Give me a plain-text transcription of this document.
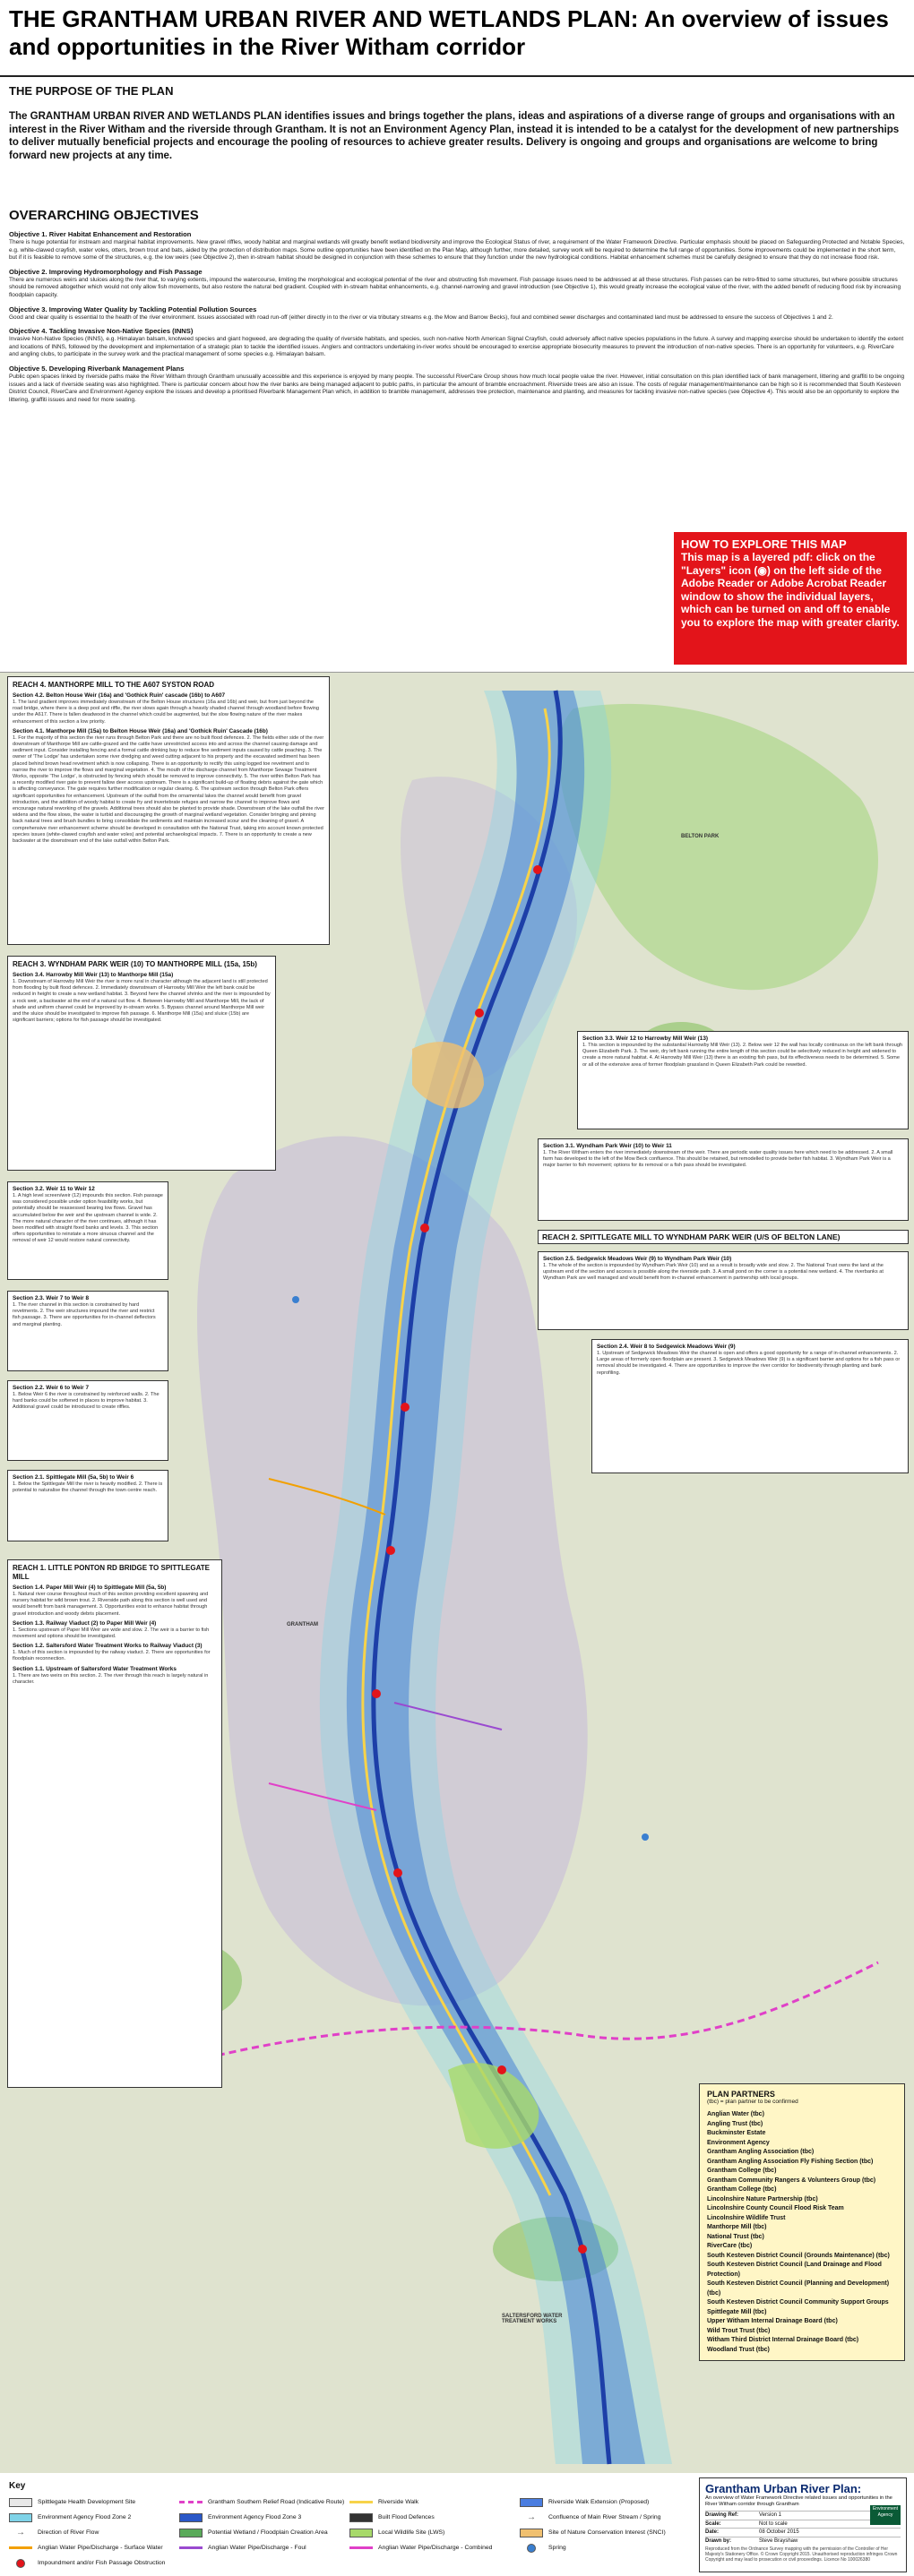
THE GRANTHAM URBAN RIVER AND WETLANDS PLAN: An overview of issues and opportunities in the River Witham corridor
THE PURPOSE OF THE PLAN
The GRANTHAM URBAN RIVER AND WETLANDS PLAN identifies issues and brings together the plans, ideas and aspirations of a diverse range of groups and organisations with an interest in the River Witham and the riverside through Grantham. It is not an Environment Agency Plan, instead it is intended to be a catalyst for the development of new partnerships to deliver mutually beneficial projects and encourage the pooling of resources to achieve greater results. Delivery is ongoing and groups and organisations are welcome to bring forward new projects at any time.
OVERARCHING OBJECTIVES
Objective 1. River Habitat Enhancement and Restoration

There is huge potential for instream and marginal habitat improvements. New gravel riffles, woody habitat and marginal wetlands will greatly benefit wetland biodiversity and improve the Ecological Status of river, a requirement of the Water Framework Directive. Particular emphasis should be placed on Safeguarding Protected and Notable Species, e.g. white-clawed crayfish, water voles, otters, brown trout and bats, aided by the protection of distribution maps. Some outline opportunities have been identified on the Plan Map, although further, more detailed, survey work will be required to determine the full range of opportunities. Some improvements could be implemented in the short term, but if it is feasible to remove some of the structures, e.g. the low weirs (see Objective 2), then in-stream habitat should be designed in conjunction with these schemes to ensure that they function under the new hydrological conditions. Habitat enhancement schemes must be carefully designed to ensure that they do not increase flood risk.

Objective 2. Improving Hydromorphology and Fish Passage

There are numerous weirs and sluices along the river that, to varying extents, impound the watercourse, limiting the morphological and ecological potential of the river and obstructing fish movement. Fish passage issues need to be addressed at all these structures. Fish passes can be retro-fitted to some structures, but where possible structures should be removed altogether which would not only allow fish movements, but also restore the natural bed gradient. Coupled with in-stream habitat enhancements, e.g. channel-narrowing and gravel introduction (see Objective 1), this would greatly increase the ecological value of the river, with the added benefit of reducing flood risk by increasing floodplain capacity.

Objective 3. Improving Water Quality by Tackling Potential Pollution Sources

Good and clear quality is essential to the health of the river environment. Issues associated with road run-off (either directly in to the river or via tributary streams e.g. the Mow and Barrow Becks), foul and combined sewer discharges and contaminated land must be addressed to ensure the success of Objectives 1 and 2.

Objective 4. Tackling Invasive Non-Native Species (INNS)

Invasive Non-Native Species (INNS), e.g. Himalayan balsam, knotweed species and giant hogweed, are degrading the quality of riverside habitats, and species, such non-native North American Signal Crayfish, could adversely affect native species populations in the future. A survey and mapping exercise should be undertaken to identify the extent and locations of INNS, followed by the development and implementation of a strategic plan to tackle the identified issues. Anglers and contractors undertaking in-river works should be encouraged to exercise appropriate biosecurity measures to prevent the introduction of non-native species. There is an opportunity for volunteers, e.g. RiverCare and angling clubs, to participate in the survey work and the practical management of some species e.g. Himalayan balsam.

Objective 5. Developing Riverbank Management Plans

Public open spaces linked by riverside paths make the River Witham through Grantham unusually accessible and this experience is enjoyed by many people. The successful RiverCare Group shows how much local people value the river. However, initial consultation on this plan identified lack of bank management, littering and graffiti to be ongoing issues and a lack of riverside seating was also highlighted. There is particular concern about how the river banks are being managed adjacent to public paths, in particular the amount of bramble encroachment. Riverside trees are also an issue. The costs of regular management/maintenance can be high so it is recommended that South Kesteven District Council, RiverCare and Environment Agency explore the issues and develop a prioritised Riverbank Management Plan which, in addition to bramble management, addresses tree protection, maintenance and planting, and measures for tackling invasive non-native species (see Objective 4). This would also be an opportunity to explore the littering, graffiti issues and need for more seating.

HOW TO EXPLORE THIS MAP
This map is a layered pdf: click on the "Layers" icon (◉) on the left side of the Adobe Reader or Adobe Acrobat Reader window to show the individual layers, which can be turned on and off to enable you to explore the map with greater clarity.
GRANTHAM
SALTERSFORD WATER TREATMENT WORKS
BELTON PARK
REACH 4. MANTHORPE MILL TO THE A607 SYSTON ROAD
Section 4.2. Belton House Weir (16a) and 'Gothick Ruin' cascade (16b) to A607
1. The land gradient improves immediately downstream of the Belton House structures (16a and 16b) and weir, but from just beyond the road bridge, where there is a deep pool and riffle, the river slows again through a heavily shaded channel through woodland before flowing under the A617. There is fallen deadwood in the channel which could be augmented, but the slow flowing nature of the river makes enhancement of this section a low priority.
Section 4.1. Manthorpe Mill (15a) to Belton House Weir (16a) and 'Gothick Ruin' Cascade (16b)
1. For the majority of this section the river runs through Belton Park and there are no built flood defences. 2. The fields either side of the river downstream of Manthorpe Mill are cattle-grazed and the cattle have unrestricted access into and across the channel causing damage and sediment input. Consider installing fencing and a formal cattle drinking bay to reduce fine sediment inputs caused by cattle poaching. 3. The owner of 'The Lodge' has undertaken some river dredging and weed cutting adjacent to his property and the excavated sediment has been placed behind brown head revetment which is now collapsing. There is an opportunity to rectify this using logged toe revetment and to narrow the river to improve the flows and marginal vegetation. 4. The mouth of the discharge channel from Manthorpe Sewage Treatment Works, opposite 'The Lodge', is obstructed by fencing which should be removed to improve connectivity. 5. The river within Belton Park has a recently modified river gate to prevent fallow deer access upstream. There is a significant build-up of floating debris against the gate which is affecting conveyance. The gate requires further modification or regular clearing. 6. The upstream section through Belton Park offers significant opportunities for enhancement. Upstream of the outfall from the ornamental lakes the channel would benefit from gravel introduction, and the addition of woody habitat to create fry and invertebrate refuges and narrow the channel to improve flows and encourage natural reworking of the gravels. Additional trees should also be planted to provide shade. Downstream of the lake outfall the river widens and the flow slows, the water is turbid and discouraging the growth of marginal wetland vegetation. Consider bringing and pinning back natural trees and brush bundles to bring consolidate the sediments and maintain increased scour and the cleaning of gravel. A comprehensive river enhancement scheme should be developed in consultation with the National Trust, taking into account known protected species issues (white-clawed crayfish and water voles) and potential archaeological impacts. 7. There is an opportunity to create a new backwater at the downstream end of the lake outfall within Belton Park.
REACH 3. WYNDHAM PARK WEIR (10) TO MANTHORPE MILL (15a, 15b)
Section 3.4. Harrowby Mill Weir (13) to Manthorpe Mill (15a)
1. Downstream of Harrowby Mill Weir the river is more rural in character although the adjacent land is still protected from flooding by built flood defences. 2. Immediately downstream of Harrowby Mill Weir the left bank could be reduced in height to create a new wetland habitat. 3. Beyond here the channel shrinks and the river is impounded by a rock weir, a backwater at the end of a natural cut flow. 4. Between Harrowby Mill and Manthorpe Mill, the lack of shade and uniform channel could be improved by in-stream works. 5. Bypass channel around Manthorpe Mill weir and the sluice should be investigated to improve fish passage. 6. Manthorpe Mill (15a) and sluice (15b) are significant barriers; options for fish passage should be investigated.
Section 3.3. Weir 12 to Harrowby Mill Weir (13)
1. This section is impounded by the substantial Harrowby Mill Weir (13). 2. Below weir 12 the wall has locally continuous on the left bank through Queen Elizabeth Park. 3. The weir, dry left bank running the entire length of this section could be selectively reduced in height and widened to create a more natural habitat. 4. At Harrowby Mill Weir (13) there is an existing fish pass, but its effectiveness needs to be determined. 5. Some or all of the extensive area of former floodplain grassland in Queen Elizabeth Park could be rewetted.
Section 3.2. Weir 11 to Weir 12
1. A high level screen/weir (12) impounds this section. Fish passage was considered possible under option feasibility works, but potentially should be reassessed bearing low flows. Gravel has accumulated below the weir and the upstream channel is wide. 2. The more natural character of the river continues, although it has been modified with straight fixed banks and levels. 3. This section offers opportunities to reinstate a more sinuous channel and the removal of weir 12 would restore natural connectivity.
Section 3.1. Wyndham Park Weir (10) to Weir 11
1. The River Witham enters the river immediately downstream of the weir. There are periodic water quality issues here which need to be addressed. 2. A small farm has developed to the left of the Mow Beck confluence. This should be retained, but remodelled to provide better fish habitat. 3. Wyndham Park Weir is a major barrier to fish movement; options for its removal or a fish pass should be investigated.
REACH 2. SPITTLEGATE MILL TO WYNDHAM PARK WEIR (U/S OF BELTON LANE)
Section 2.5. Sedgewick Meadows Weir (9) to Wyndham Park Weir (10)
1. The whole of the section is impounded by Wyndham Park Weir (10) and as a result is broadly wide and slow. 2. The National Trust owns the land at the upstream end of the section and access is possible along the riverside path. 3. A small pond on the corner is a potential new wetland. 4. The riverbanks at Wyndham Park are well managed and would benefit from in-channel enhancement in partnership with local groups.
Section 2.4. Weir 8 to Sedgewick Meadows Weir (9)
1. Upstream of Sedgewick Meadows Weir the channel is open and offers a good opportunity for a range of in-channel enhancements. 2. Large areas of formerly open floodplain are present. 3. Sedgewick Meadows Weir (9) is a significant barrier and options for a fish pass or removal should be investigated. 4. There are opportunities to improve the river corridor for biodiversity through planting and bank reprofiling.
Section 2.3. Weir 7 to Weir 8
1. The river channel in this section is constrained by hard revetments. 2. The weir structures impound the river and restrict fish passage. 3. There are opportunities for in-channel deflectors and marginal planting.
Section 2.2. Weir 6 to Weir 7
1. Below Weir 6 the river is constrained by reinforced walls. 2. The hard banks could be softened in places to improve habitat. 3. Additional gravel could be introduced to create riffles.
Section 2.1. Spittlegate Mill (5a, 5b) to Weir 6
1. Below the Spittlegate Mill the river is heavily modified. 2. There is potential to naturalise the channel through the town centre reach.
REACH 1. LITTLE PONTON RD BRIDGE TO SPITTLEGATE MILL
Section 1.4. Paper Mill Weir (4) to Spittlegate Mill (5a, 5b)
1. Natural river course throughout much of this section providing excellent spawning and nursery habitat for wild brown trout. 2. Riverside path along this section is well used and would benefit from bank management. 3. Opportunities exist to enhance habitat through gravel introduction and woody debris placement.
Section 1.3. Railway Viaduct (2) to Paper Mill Weir (4)
1. Sections upstream of Paper Mill Weir are wide and slow. 2. The weir is a barrier to fish movement and options should be investigated.
Section 1.2. Saltersford Water Treatment Works to Railway Viaduct (3)
1. Much of this section is impounded by the railway viaduct. 2. There are opportunities for floodplain reconnection.
Section 1.1. Upstream of Saltersford Water Treatment Works
1. There are two weirs on this section. 2. The river through this reach is largely natural in character.
PLAN PARTNERS
(tbc) = plan partner to be confirmed
Anglian Water (tbc)
Angling Trust (tbc)
Buckminster Estate
Environment Agency
Grantham Angling Association (tbc)
Grantham Angling Association Fly Fishing Section (tbc)
Grantham College (tbc)
Grantham Community Rangers & Volunteers Group (tbc)
Grantham College (tbc)
Lincolnshire Nature Partnership (tbc)
Lincolnshire County Council Flood Risk Team
Lincolnshire Wildlife Trust
Manthorpe Mill (tbc)
National Trust (tbc)
RiverCare (tbc)
South Kesteven District Council (Grounds Maintenance) (tbc)
South Kesteven District Council (Land Drainage and Flood Protection)
South Kesteven District Council (Planning and Development) (tbc)
South Kesteven District Council Community Support Groups
Spittlegate Mill (tbc)
Upper Witham Internal Drainage Board (tbc)
Wild Trout Trust (tbc)
Witham Third District Internal Drainage Board (tbc)
Woodland Trust (tbc)
Key
Spittlegate Health Development Site	Grantham Southern Relief Road (Indicative Route)	Riverside Walk	Riverside Walk Extension (Proposed)
Environment Agency Flood Zone 2	Environment Agency Flood Zone 3	Built Flood Defences	→	Confluence of Main River Stream / Spring
→	Direction of River Flow	Potential Wetland / Floodplain Creation Area	Local Wildlife Site (LWS)	Site of Nature Conservation Interest (SNCI)
Anglian Water Pipe/Discharge - Surface Water	Anglian Water Pipe/Discharge - Foul	Anglian Water Pipe/Discharge - Combined	Spring
Impoundment and/or Fish Passage Obstruction
Grantham Urban River Plan:
An overview of Water Framework Directive related issues and opportunities in the River Witham corridor through Grantham
Drawing Ref:	Version 1
Scale:	Not to scale
Date:	08 October 2015
Drawn by:	Steve Brayshaw
Reproduced from the Ordnance Survey mapping with the permission of the Controller of Her Majesty's Stationery Office. © Crown Copyright 2015. Unauthorised reproduction infringes Crown Copyright and may lead to prosecution or civil proceedings. Licence No 100026380
Environment Agency
